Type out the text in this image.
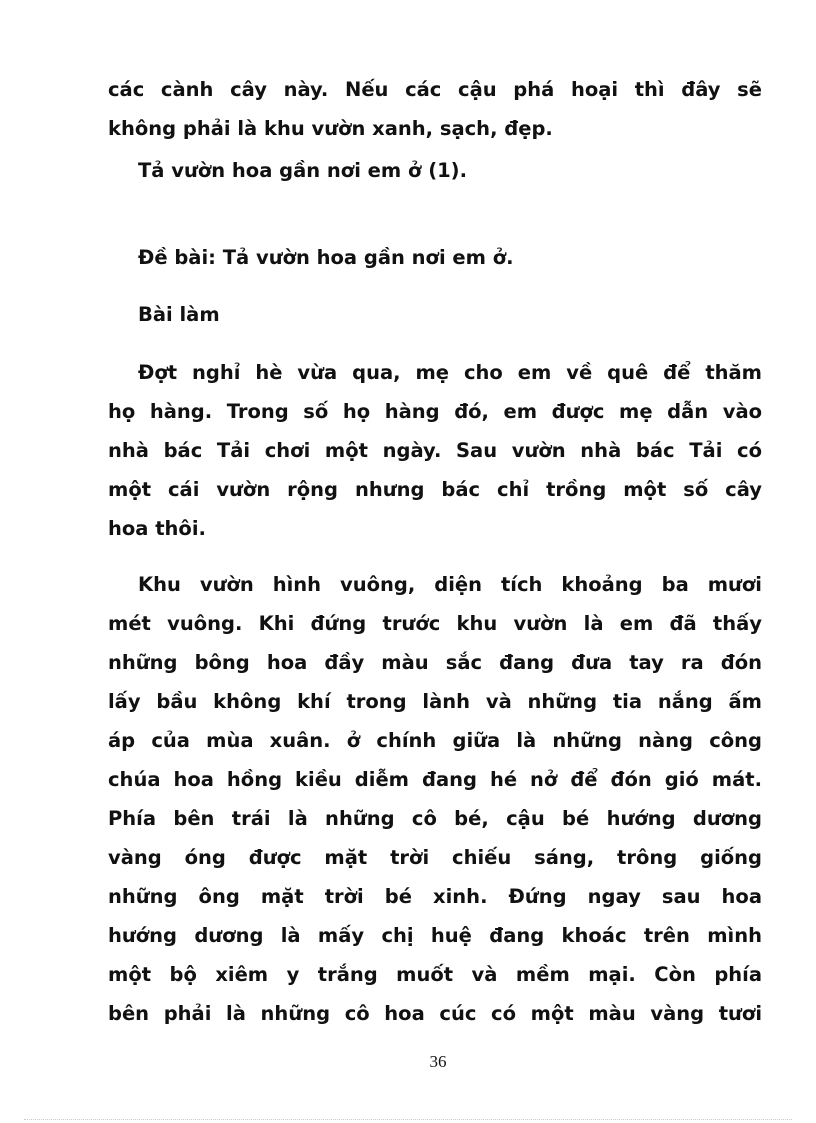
các cành cây này. Nếu các cậu phá hoại thì đây sẽ
không phải là khu vườn xanh, sạch, đẹp.
Tả vườn hoa gần nơi em ở (1).
Đề bài: Tả vườn hoa gần nơi em ở.
Bài làm
Đợt nghỉ hè vừa qua, mẹ cho em về quê để thăm
họ hàng. Trong số họ hàng đó, em được mẹ dẫn vào
nhà bác Tải chơi một ngày. Sau vườn nhà bác Tải có
một cái vườn rộng nhưng bác chỉ trồng một số cây
hoa thôi.
Khu vườn hình vuông, diện tích khoảng ba mươi
mét vuông. Khi đứng trước khu vườn là em đã thấy
những bông hoa đầy màu sắc đang đưa tay ra đón
lấy bầu không khí trong lành và những tia nắng ấm
áp của mùa xuân. ở chính giữa là những nàng công
chúa hoa hồng kiều diễm đang hé nở để đón gió mát.
Phía bên trái là những cô bé, cậu bé hướng dương
vàng óng được mặt trời chiếu sáng, trông giống
những ông mặt trời bé xinh. Đứng ngay sau hoa
hướng dương là mấy chị huệ đang khoác trên mình
một bộ xiêm y trắng muốt và mềm mại. Còn phía
bên phải là những cô hoa cúc có một màu vàng tươi
36
